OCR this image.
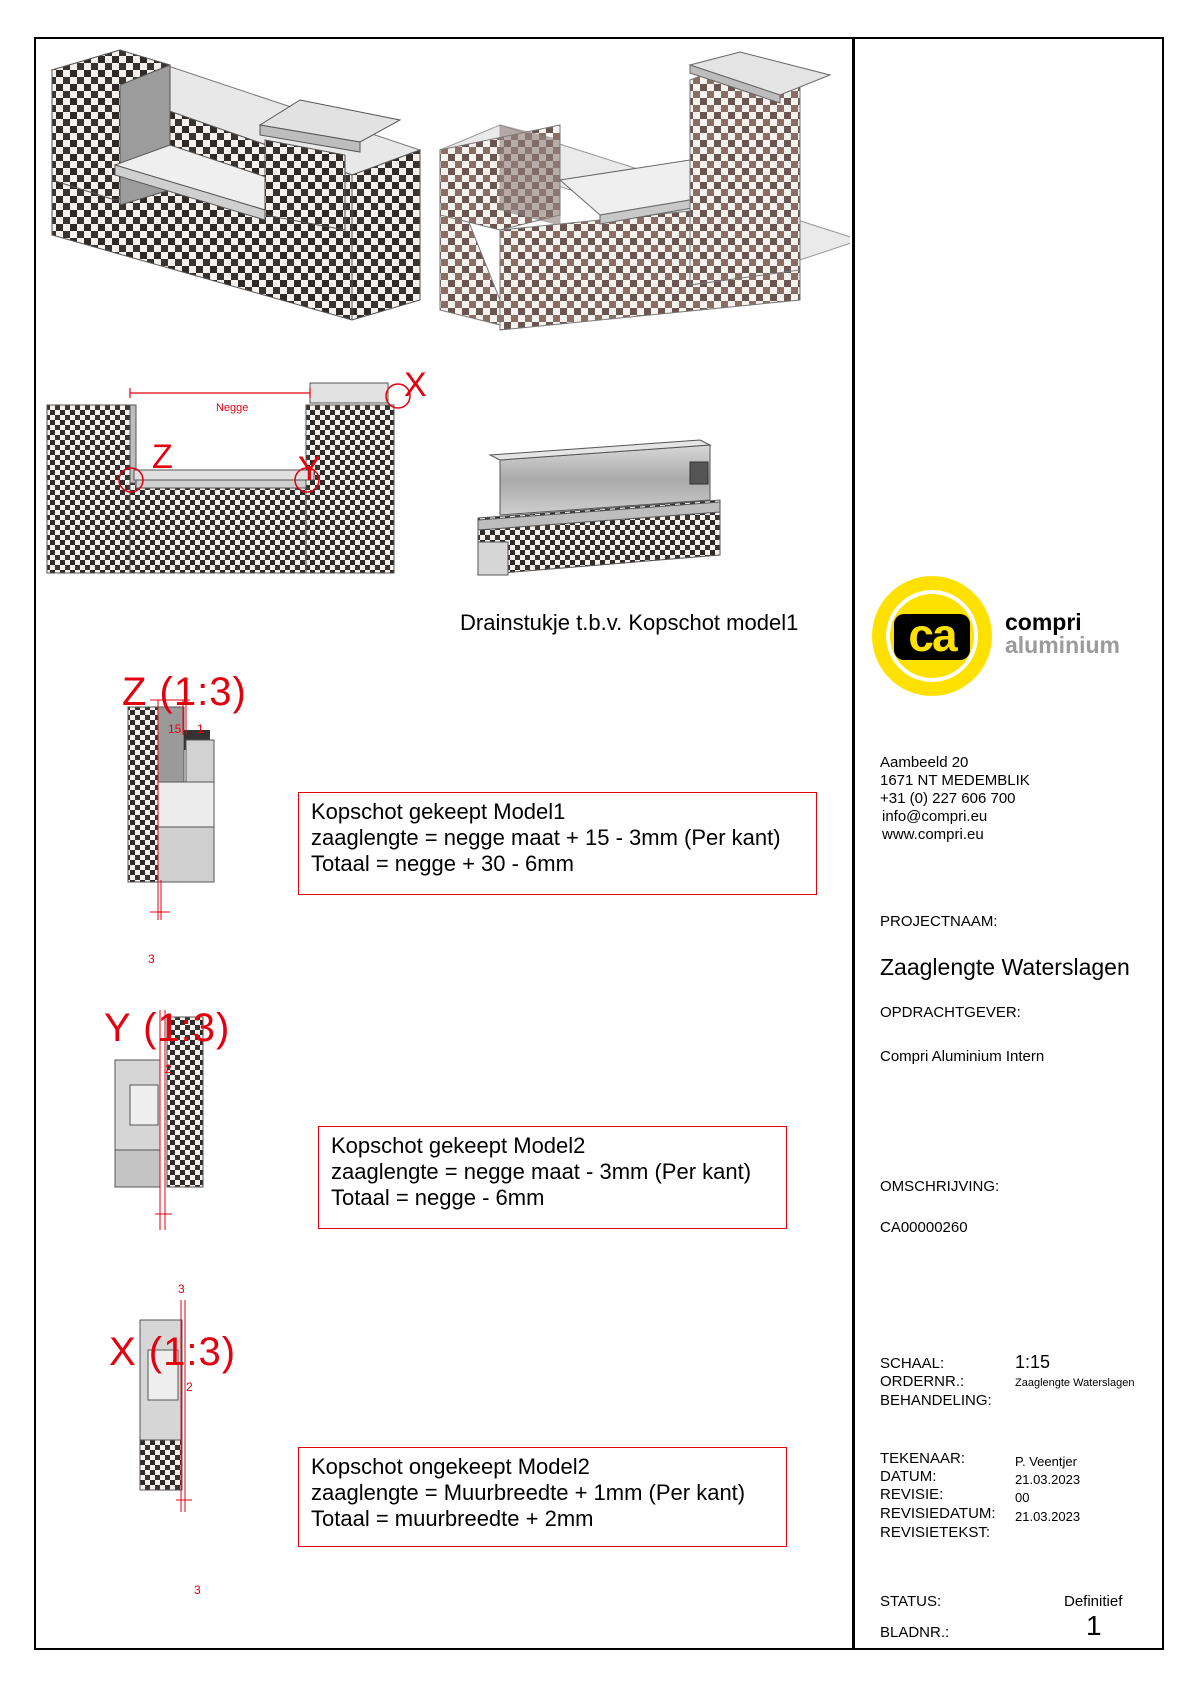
Negge
X
Y
Z
Drainstukje t.b.v. Kopschot model1
Z (1:3)
15 1
3
Kopschot gekeept Model1
zaaglengte = negge maat + 15 - 3mm (Per kant)
Totaal = negge + 30 - 6mm
Y (1:3)
2
3
Kopschot gekeept Model2
zaaglengte = negge maat - 3mm (Per kant)
Totaal = negge - 6mm
X (1:3)
2
3
Kopschot ongekeept Model2
zaaglengte = Muurbreedte + 1mm (Per kant)
Totaal = muurbreedte + 2mm
ca	compri
aluminium
Aambeeld 20
1671 NT MEDEMBLIK
+31 (0) 227 606 700
info@compri.eu
www.compri.eu
PROJECTNAAM:
Zaaglengte Waterslagen
OPDRACHTGEVER:
Compri Aluminium Intern
OMSCHRIJVING:
CA00000260
SCHAAL:	1:15
ORDERNR.:	Zaaglengte Waterslagen
BEHANDELING:
TEKENAAR:	P. Veentjer
DATUM:	21.03.2023
REVISIE:	00
REVISIEDATUM: 21.03.2023
REVISIETEKST:
STATUS:	Definitief
BLADNR.:	1
